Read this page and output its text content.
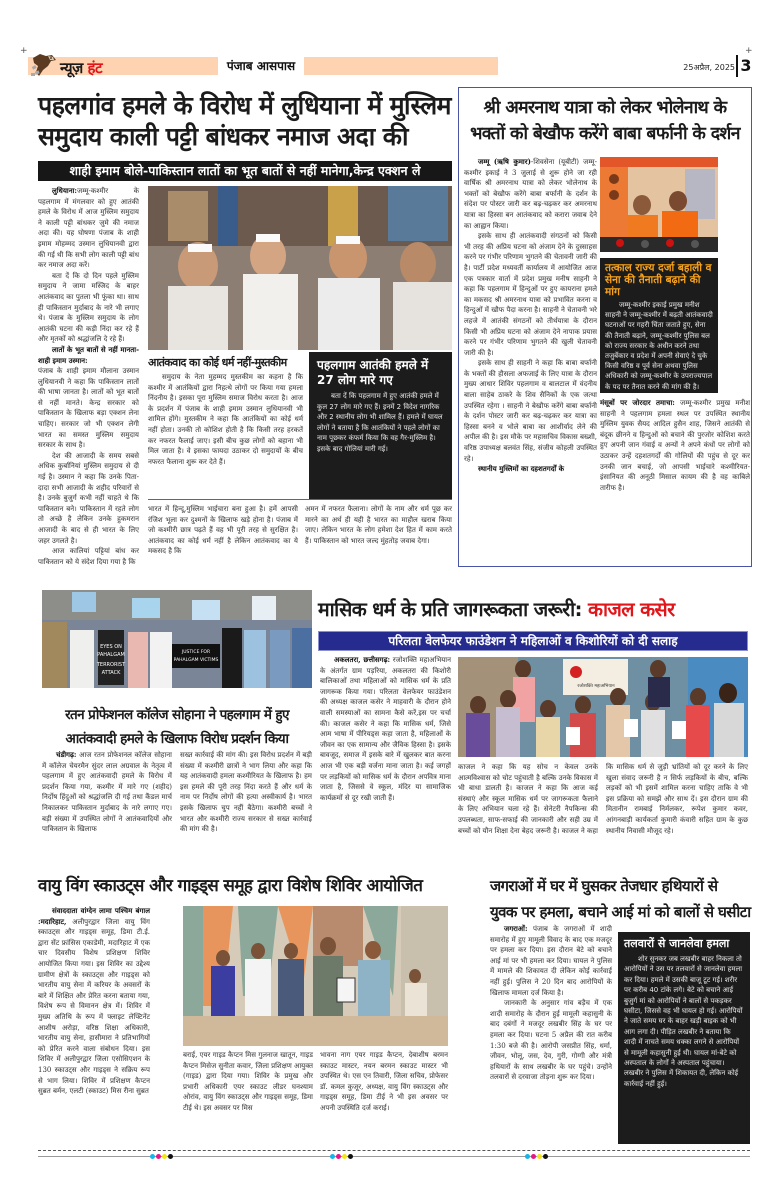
+	+
न्यूज़ हंट	पंजाब आसपास	25अप्रैल, 2025 3
पहलगांव हमले के विरोध में लुधियाना में मुस्लिम
समुदाय काली पट्टी बांधकर नमाज अदा की
शाही इमाम बोले-पाकिस्तान लातों का भूत बातों से नहीं मानेगा,केन्द्र एक्शन ले

लुधियाना:जम्मू-कश्मीर के पहलगाम में मंगलवार को हुए आतंकी हमले के विरोध में आज मुस्लिम समुदाय ने काली पट्टी बांधकर जुमे की नमाज अदा की। यह घोषणा पंजाब के शाही इमाम मोहम्मद उस्मान लुधियानवी द्वारा की गई थी कि सभी लोग काली पट्टी बांध कर नमाज अदा करें।

बता दें कि दो दिन पहले मुस्लिम समुदाय ने जामा मस्जिद के बाहर आतंकवाद का पुतला भी फूंका था। साथ ही पाकिस्तान मुर्दाबाद के नारे भी लगाए थे। पंजाब के मुस्लिम समुदाय के लोग आतंकी घटना की कड़ी निंदा कर रहे हैं और मृतकों को श्रद्धांजलि दे रहे हैं।

लातों के भूत बातों से नहीं मानता-शाही इमाम उस्मान:

पंजाब के शाही इमाम मौलाना उस्मान लुधियानवी ने कहा कि पाकिस्तान लातों की भाषा जानता है। लातों को भूत बातों से नहीं मानते। केन्द्र सरकार को पाकिस्तान के खिलाफ बड़ा एक्शन लेना चाहिए। सरकार जो भी एक्शन लेगी भारत का समस्त मुस्लिम समुदाय सरकार के साथ है।

देश की आजादी के समय सबसे अधिक कुर्बानियां मुस्लिम समुदाय से दी गई है। उस्मान ने कहा कि उनके पिता-दादा सभी आजादी के शहीद परिवारों से है। उनके बुजुर्ग कभी नहीं चाहते थे कि पाकिस्तान बने। पाकिस्तान में रहते लोग तो अच्छे है लेकिन उनके हुकमरान आजादी के बाद से ही भारत के लिए जहर उगलते है।

आज कालियां पट्टियां बांध कर पाकिस्तान को ये संदेश दिया गया है कि

आतंकवाद का कोई धर्म नहीं-मुस्तकीम

समुदाय के नेता मुहम्मद मुस्तकीम का कहना है कि कश्मीर में आतंकियों द्वारा निहत्थे लोगों पर किया गया हमला निंदनीय है। इसका पूरा मुस्लिम समाज विरोध करता है। आज के प्रदर्शन में पंजाब के शाही इमाम उस्मान लुधियानवी भी शामिल होंगे। मुस्तकीम ने कहा कि आतंकियों का कोई धर्म नहीं होता। उनकी तो कोशिश होती है कि किसी तरह हरकतें कर नफरत फैलाई जाए। इसी बीच कुछ लोगों को बहाना भी मिल जाता है। वे इसका फायदा उठाकर दो समुदायों के बीच नफरत फैलाना शुरू कर देते हैं।

पहलगाम आतंकी हमले में 27 लोग मारे गए

बता दें कि पहलगाम में हुए आतंकी हमले में कुल 27 लोग मारे गए हैं। इनमें 2 विदेश नागरिक और 2 स्थानीय लोग भी शामिल हैं। हमले में घायल लोगों ने बताया है कि आतंकियों ने पहले लोगों का नाम पूछकर कंफर्म किया कि वह गैर-मुस्लिम है। इसके बाद गोलियां मारी गई।

भारत में हिन्दू,मुस्लिम भाईचारा बना हुआ है। हमें आपसी रंजिश भूला कर दुश्मनों के खिलाफ खड़े होना है। पंजाब में जो कश्मीरी छात्र पढ़ते हैं वह भी पूरी तरह से सुरक्षित है। आतंकवाद का कोई धर्म नहीं है लेकिन आतंकवाद का ये मकसद है कि
अमन में नफरत फैलाना। लोगों के नाम और धर्म पूछ कर मारने का अर्थ ही यही है भारत का माहौल खराब किया जाए। लेकिन भारत के लोग हमेशा देश हित में काम करते हैं। पाकिस्तान को भारत जल्द मुंहतोड़ जवाब देगा।
श्री अमरनाथ यात्रा को लेकर भोलेनाथ के
भक्तों को बेखौफ करेंगे बाबा बर्फानी के दर्शन

जम्मू (ऋषि कुमार)-शिवसेना (यूबीटी) जम्मू-कश्मीर इकाई ने 3 जुलाई से शुरू होने जा रही वार्षिक श्री अमरनाथ यात्रा को लेकर भोलेनाथ के भक्तों को बेखौफ करेंगे बाबा बर्फानी के दर्शन के संदेश पर पोस्टर जारी कर बढ़-चढ़कर कर अमरनाथ यात्रा का हिस्सा बन आतंकवाद को करारा जवाब देने का आह्वान किया।

इसके साथ ही आतंकवादी संगठनों को किसी भी तरह की अप्रिय घटना को अंजाम देने के दुस्साहस करने पर गंभीर परिणाम भुगतने की चेतावनी जारी की है। पार्टी प्रदेश मध्यवर्ती कार्यालय में आयोजित आज एक पत्रकार वार्ता में प्रदेश प्रमुख मनीष साहनी ने कहा कि पहलगाम में हिन्दुओं पर हुए कायराना हमले का मकसद श्री अमरनाथ यात्रा को प्रभावित करना व हिन्दुओं में खौफ पैदा करना है। साहनी ने चेतावनी भरे लहजे में आतंकी संगठनों को तीर्थयात्रा के दौरान किसी भी अप्रिय घटना को अंजाम देने नापाक प्रयास करने पर गंभीर परिणाम भुगतने की खुली चेतावनी जारी की है।

इसके साथ ही साहनी ने कहा कि बाबा बर्फानी के भक्तों की हौसला अफजाई के लिए यात्रा के दौरान मुख्य आधार शिविर पहलगाम व बालटाल में वंदनीय बाला साहेब ठाकरे के शिव सैनिकों के एक जत्था उपस्थित रहेगा । साहनी ने बेखौफ करेंगे बाबा बर्फानी के दर्शन पोस्टर जारी कर बढ़-चढ़कर कर यात्रा का हिस्सा बनने व भोले बाबा का आशीर्वाद लेने की अपील की है। इस मौके पर महासचिव विकास बख्शी, वरिष्ठ उपाध्यक्ष बलवंत सिंह, संजीव कोहली उपस्थित रहे।

स्थानीय मुस्लिमों का दहशतगर्दों के

तत्काल राज्य दर्जा बहाली व सेना की तैनाती बढ़ाने की मांग

जम्मू-कश्मीर इकाई प्रमुख मनीश साहनी ने जम्मू-कश्मीर में बढ़ती आतंकवादी घटनाओं पर गहरी चिंता जताते हुए, सेना की तैनाती बढ़ाने, जम्मू-कश्मीर पुलिस बल को राज्य सरकार के अधीन करने तथा तजुर्बेकार व प्रदेश में अपनी सेवाएं दे चुके किसी वरिष्ठ व पूर्व सेना अथवा पुलिस अधिकारी को जम्मू-कश्मीर के उपराज्यपाल के पद पर तैनात करने की मांग की है।

मंसूबों पर जोरदार तमाचा: जम्मू-कश्मीर प्रमुख मनीश साहनी ने पहलगाम हमला स्थल पर उपस्थित स्थानीय मुस्लिम युवक सैयद आदिल हुसैन शाह, जिसने आतंकी से बंदूक छीनने व हिन्दुओं को बचाने की पुरजोर कोशिश करते हुए अपनी जान गंवाई व अन्यों ने अपने कंधों पर लोगों को उठाकर उन्हें दहशतगर्दों की गोलियों की पहुंच से दूर कर उनकी जान बचाई, जो आपसी भाईचारे कश्मीरियत-इंसानियत की अनूठी मिसाल कायम की है वह काबिले तारीफ है।

EYES ON
PAHALGAM
TERRORIST
ATTACK
JUSTICE FOR
PAHALGAM VICTIMS
रतन प्रोफेशनल कॉलेज सोहाना ने पहलगाम में हुए
आतंकवादी हमले के खिलाफ विरोध प्रदर्शन किया

चंडीगढ़: आज रतन प्रोफेशनल कॉलेज सोहाना में कॉलेज चेयरमैन सुंदर लाल अग्रवाल के नेतृत्व में पहलगाम में हुए आतंकवादी हमले के विरोध में प्रदर्शन किया गया, कश्मीर में मारे गए (शहीद) निर्दोष हिंदुओं को श्रद्धांजलि दी गई तथा कैंडल मार्च निकालकर पाकिस्तान मुर्दाबाद के नारे लगाए गए। बड़ी संख्या में उपस्थित लोगों ने आतंकवादियों और पाकिस्तान के खिलाफ

सख्त कार्रवाई की मांग की। इस विरोध प्रदर्शन में बड़ी संख्या में कश्मीरी छात्रों ने भाग लिया और कहा कि यह आतंकवादी हमला कश्मीरियत के खिलाफ है। हम इस हमले की पूरी तरह निंदा करते हैं और धर्म के नाम पर निर्दोष लोगों की हत्या अस्वीकार्य है। भारत इसके खिलाफ चुप नहीं बैठेगा। कश्मीरी बच्चों ने भारत और कश्मीरी राज्य सरकार से सख्त कार्रवाई की मांग की है।
मासिक धर्म के प्रति जागरूकता जरूरी: काजल कसेर
परिलता वेलफेयर फाउंडेशन ने महिलाओं व किशोरियों को दी सलाह

अकलतरा, छत्तीसगढ़: रजोशक्ति महाअभियान के अंतर्गत ग्राम पड़रिया, अकलतरा की किशोरी बालिकाओं तथा महिलाओं को मासिक धर्म के प्रति जागरूक किया गया। परिलता वेलफेयर फाउंडेशन की अध्यक्ष काजल कसेर ने माहवारी के दौरान होने वाली समस्याओं का सामना कैसे करें,इस पर चर्चा की। काजल कसेर ने कहा कि मासिक धर्म, जिसे आम भाषा में पीरियड्स कहा जाता है, महिलाओं के जीवन का एक सामान्य और जैविक हिस्सा है। इसके बावजूद, समाज में इसके बारे में खुलकर बात करना आज भी एक बड़ी वर्जना माना जाता है। कई जगहों पर लड़कियों को मासिक धर्म के दौरान अपवित्र माना जाता है, जिससे वे स्कूल, मंदिर या सामाजिक कार्यक्रमों से दूर रखी जाती हैं।

रजोशक्ति महाअभियान
काजल ने कहा कि यह सोच न केवल उनके आत्मविश्वास को चोट पहुंचाती है बल्कि उनके विकास में भी बाधा डालती है। काजल ने कहा कि आज कई संस्थाएं और स्कूल मासिक धर्म पर जागरूकता फैलाने के लिए अभियान चला रहे हैं। सेनेटरी नैपकिन्स की उपलब्धता, साफ-सफाई की जानकारी और सही उम्र में बच्चों को यौन शिक्षा देना बेहद जरूरी है। काजल ने कहा
कि मासिक धर्म से जुड़ी भ्रांतियों को दूर करने के लिए खुला संवाद जरूरी है न सिर्फ लड़कियों के बीच, बल्कि लड़कों को भी इसमें शामिल करना चाहिए ताकि वे भी इस प्रक्रिया को समझें और साथ दें। इस दौरान ग्राम की मितानीन रामबाई निर्मलकर, रूपेश कुमार कवर, आंगनबाड़ी कार्यकर्ता कुमारी कंवारी सहित ग्राम के कुछ स्थानीय निवासी मौजूद रहे।
वायु विंग स्काउट्स और गाइड्स समूह द्वारा विशेष शिविर आयोजित

संवाददाता वांग्देन लामा पश्चिम बंगाल :मदारिहाट, अलीपुरद्वार जिला वायु विंग स्काउट्स और गाइड्स समूह, डिमा टी.ई. द्वारा सेंट फ्रांसिस एकाडेमी, मदारिहाट में एक चार दिवसीय विशेष प्रशिक्षण शिविर आयोजित किया गया। इस शिविर का उद्देश्य ग्रामीण क्षेत्रों के स्काउट्स और गाइड्स को भारतीय वायु सेना में करियर के अवसरों के बारे में शिक्षित और प्रेरित करना बताया गया, विशेष रूप से विमानन क्षेत्र में। शिविर में मुख्य अतिथि के रूप में फ्लाइट लेफ्टिनेंट आशीष अरोड़ा, वरिष्ठ शिक्षा अधिकारी, भारतीय वायु सेना, हासीमारा ने प्रतिभागियों को प्रेरित करने वाला संबोधन दिया। इस शिविर में अलीपुरद्वार जिला एसोसिएशन के 130 स्काउट्स और गाइड्स ने सक्रिय रूप से भाग लिया। शिविर में प्रशिक्षण कैप्टन सुब्रत बर्मन, एलटी (स्काउट) मिस रीना सुब्रत

बराई, एयर गाइड कैप्टन मिस गुलनाज खातून, गाइड कैप्टन मिसेज सुनीता कवार, जिला प्रशिक्षण आयुक्त (गाइड) द्वारा दिया गया। शिविर के प्रमुख और प्रभारी अधिकारी एयर स्काउट लीडर घनश्याम ओरांव, वायु विंग स्काउट्स और गाइड्स समूह, डिमा टीई थे। इस अवसर पर मिस
भावना नाग एयर गाइड कैप्टन, देबाशीष बरमन स्काउट मास्टर, नयन बरमन स्काउट मास्टर भी उपस्थित थे। एस एन तिवारी, जिला सचिव, प्रोफेसर डॉ. कमल कुजूर, अध्यक्ष, वायु विंग स्काउट्स और गाइड्स समूह, डिमा टीई ने भी इस अवसर पर अपनी उपस्थिति दर्ज कराई।
जगराओं में घर में घुसकर तेजधार हथियारों से
युवक पर हमला, बचाने आई मां को बालों से घसीटा

जगराओं: पंजाब के जगराओं में शादी समारोह में हुए मामूली विवाद के बाद एक मजदूर पर हमला कर दिया। इस दौरान बेटे को बचाने आई मां पर भी हमला कर दिया। घायल ने पुलिस में मामले की शिकायत दी लेकिन कोई कार्रवाई नहीं हुई। पुलिस ने 20 दिन बाद आरोपियों के खिलाफ मामला दर्ज किया है।

जानकारी के अनुसार गांव बड़ैच में एक शादी समारोह के दौरान हुई मामूली कहासुनी के बाद दबंगों ने मजदूर लखबीर सिंह के घर पर हमला कर दिया। घटना 5 अप्रैल की रात करीब 1:30 बजे की है। आरोपी जसप्रीत सिंह, धर्मा, जीवन, भोलू, जस, देव, गुरी, गोग्गी और मंत्री हथियारों के साथ लखबीर के घर पहुंचे। उन्होंने तलवारों से दरवाजा तोड़ना शुरू कर दिया।

तलवारों से जानलेवा हमला

शोर सुनकर जब लखबीर बाहर निकला तो आरोपियों ने उस पर तलवारों से जानलेवा हमला कर दिया। हमले में उसकी बाजू टूट गई। शरीर पर करीब 40 टांके लगे। बेटे को बचाने आई बुजुर्ग मां को आरोपियों ने बालों से पकड़कर घसीटा, जिससे वह भी घायल हो गई। आरोपियों ने जाते समय घर के बाहर खड़ी बाइक को भी आग लगा दी। पीड़ित लखबीर ने बताया कि शादी में नाचते समय धक्का लगने से आरोपियों से मामूली कहासुनी हुई थी। घायल मां-बेटे को अस्पताल के लोगों ने अस्पताल पहुंचाया। लखबीर ने पुलिस में शिकायत दी, लेकिन कोई कार्रवाई नहीं हुई।
